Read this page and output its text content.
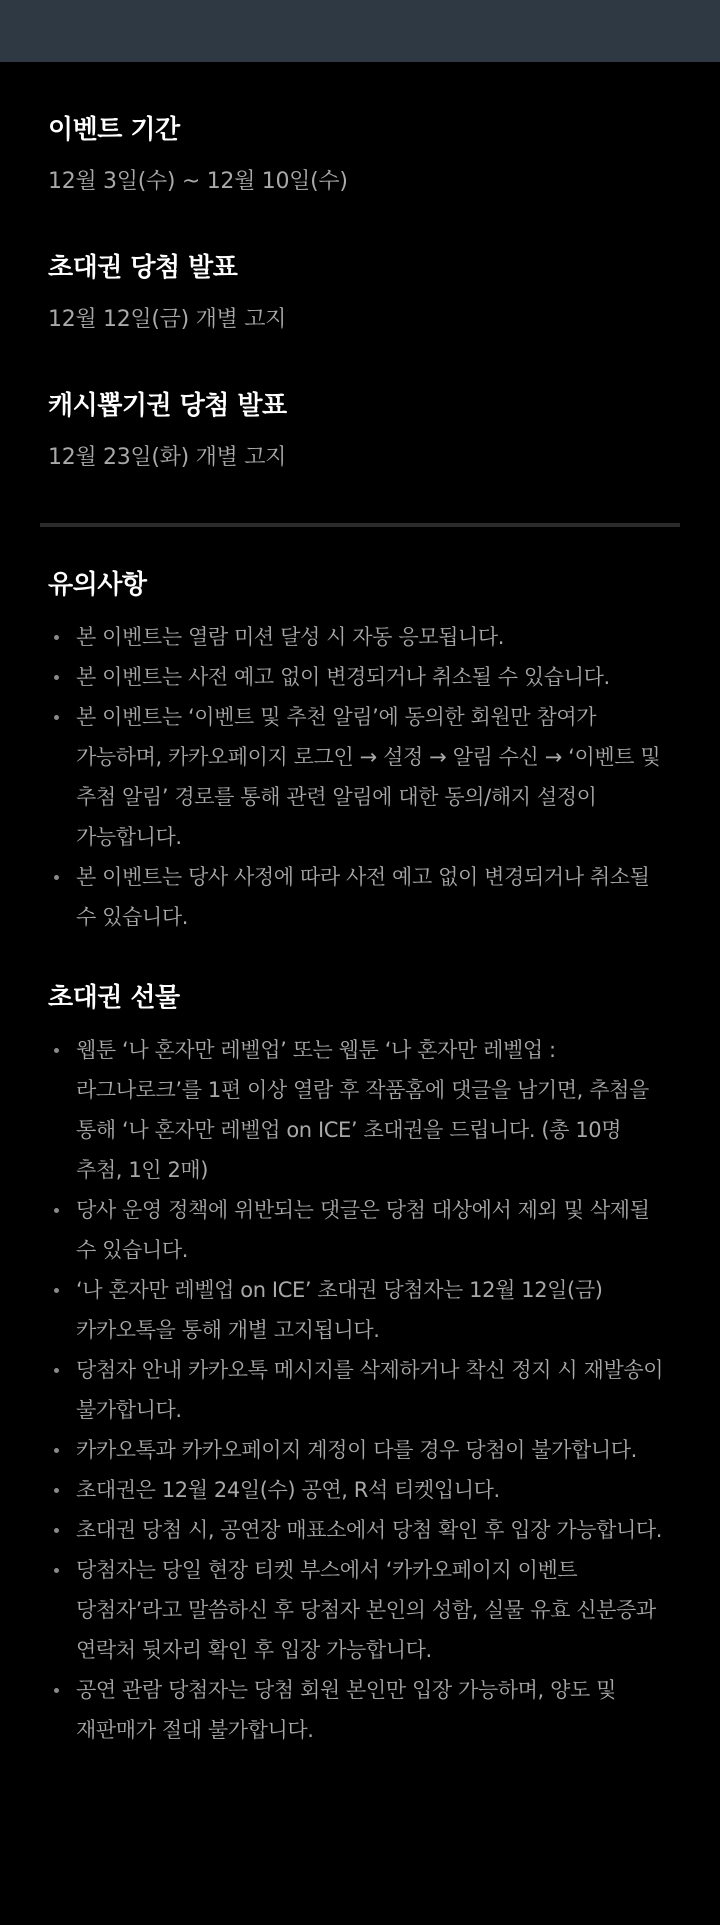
이벤트 기간

12월 3일(수) ~ 12월 10일(수)

초대권 당첨 발표

12월 12일(금) 개별 고지

캐시뽑기권 당첨 발표

12월 23일(화) 개별 고지

유의사항

본 이벤트는 열람 미션 달성 시 자동 응모됩니다.
본 이벤트는 사전 예고 없이 변경되거나 취소될 수 있습니다.
본 이벤트는 ‘이벤트 및 추천 알림’에 동의한 회원만 참여가 가능하며, 카카오페이지 로그인 → 설정 → 알림 수신 → ‘이벤트 및 추첨 알림’ 경로를 통해 관련 알림에 대한 동의/해지 설정이 가능합니다.
본 이벤트는 당사 사정에 따라 사전 예고 없이 변경되거나 취소될 수 있습니다.

초대권 선물

웹툰 ‘나 혼자만 레벨업’ 또는 웹툰 ‘나 혼자만 레벨업 : 라그나로크’를 1편 이상 열람 후 작품홈에 댓글을 남기면, 추첨을 통해 ‘나 혼자만 레벨업 on ICE’ 초대권을 드립니다. (총 10명 추첨, 1인 2매)
당사 운영 정책에 위반되는 댓글은 당첨 대상에서 제외 및 삭제될 수 있습니다.
‘나 혼자만 레벨업 on ICE’ 초대권 당첨자는 12월 12일(금) 카카오톡을 통해 개별 고지됩니다.
당첨자 안내 카카오톡 메시지를 삭제하거나 착신 정지 시 재발송이 불가합니다.
카카오톡과 카카오페이지 계정이 다를 경우 당첨이 불가합니다.
초대권은 12월 24일(수) 공연, R석 티켓입니다.
초대권 당첨 시, 공연장 매표소에서 당첨 확인 후 입장 가능합니다.
당첨자는 당일 현장 티켓 부스에서 ‘카카오페이지 이벤트 당첨자’라고 말씀하신 후 당첨자 본인의 성함, 실물 유효 신분증과 연락처 뒷자리 확인 후 입장 가능합니다.
공연 관람 당첨자는 당첨 회원 본인만 입장 가능하며, 양도 및 재판매가 절대 불가합니다.
